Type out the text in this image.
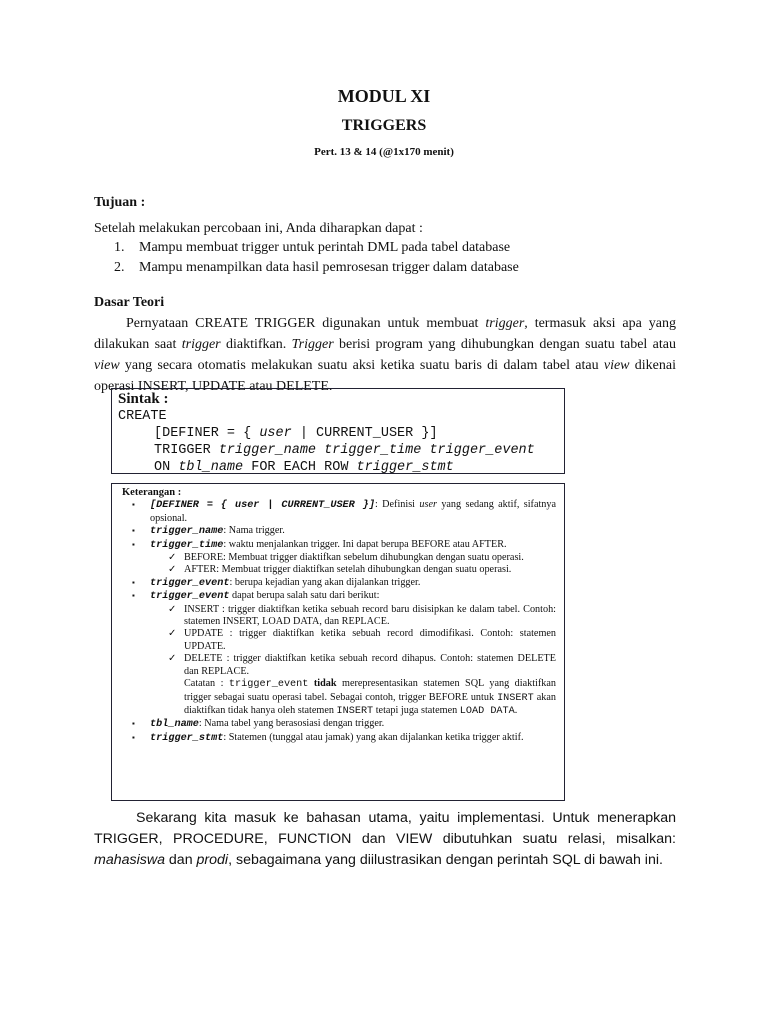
MODUL XI
TRIGGERS
Pert. 13 & 14 (@1x170 menit)
Tujuan :
Setelah melakukan percobaan ini, Anda diharapkan dapat :
1. Mampu membuat trigger untuk perintah DML pada tabel database
2. Mampu menampilkan data hasil pemrosesan trigger dalam database
Dasar Teori
Pernyataan CREATE TRIGGER digunakan untuk membuat trigger, termasuk aksi apa yang dilakukan saat trigger diaktifkan. Trigger berisi program yang dihubungkan dengan suatu tabel atau view yang secara otomatis melakukan suatu aksi ketika suatu baris di dalam tabel atau view dikenai operasi INSERT, UPDATE atau DELETE.
Sintak :
CREATE
[DEFINER = { user | CURRENT_USER }]
TRIGGER trigger_name trigger_time trigger_event
ON tbl_name FOR EACH ROW trigger_stmt
Keterangan :
▪ [DEFINER = { user | CURRENT_USER }]: Definisi user yang sedang aktif, sifatnya opsional.
▪ trigger_name: Nama trigger.
▪ trigger_time: waktu menjalankan trigger. Ini dapat berupa BEFORE atau AFTER.
✓ BEFORE: Membuat trigger diaktifkan sebelum dihubungkan dengan suatu operasi.
✓ AFTER: Membuat trigger diaktifkan setelah dihubungkan dengan suatu operasi.
▪ trigger_event: berupa kejadian yang akan dijalankan trigger.
▪ trigger_event dapat berupa salah satu dari berikut:
✓ INSERT : trigger diaktifkan ketika sebuah record baru disisipkan ke dalam tabel. Contoh: statemen INSERT, LOAD DATA, dan REPLACE.
✓ UPDATE : trigger diaktifkan ketika sebuah record dimodifikasi. Contoh: statemen UPDATE.
✓ DELETE : trigger diaktifkan ketika sebuah record dihapus. Contoh: statemen DELETE dan REPLACE.
Catatan : trigger_event tidak merepresentasikan statemen SQL yang diaktifkan trigger sebagai suatu operasi tabel. Sebagai contoh, trigger BEFORE untuk INSERT akan diaktifkan tidak hanya oleh statemen INSERT tetapi juga statemen LOAD DATA.
▪ tbl_name: Nama tabel yang berasosiasi dengan trigger.
▪ trigger_stmt: Statemen (tunggal atau jamak) yang akan dijalankan ketika trigger aktif.
Sekarang kita masuk ke bahasan utama, yaitu implementasi. Untuk menerapkan TRIGGER, PROCEDURE, FUNCTION dan VIEW dibutuhkan suatu relasi, misalkan: mahasiswa dan prodi, sebagaimana yang diilustrasikan dengan perintah SQL di bawah ini.
